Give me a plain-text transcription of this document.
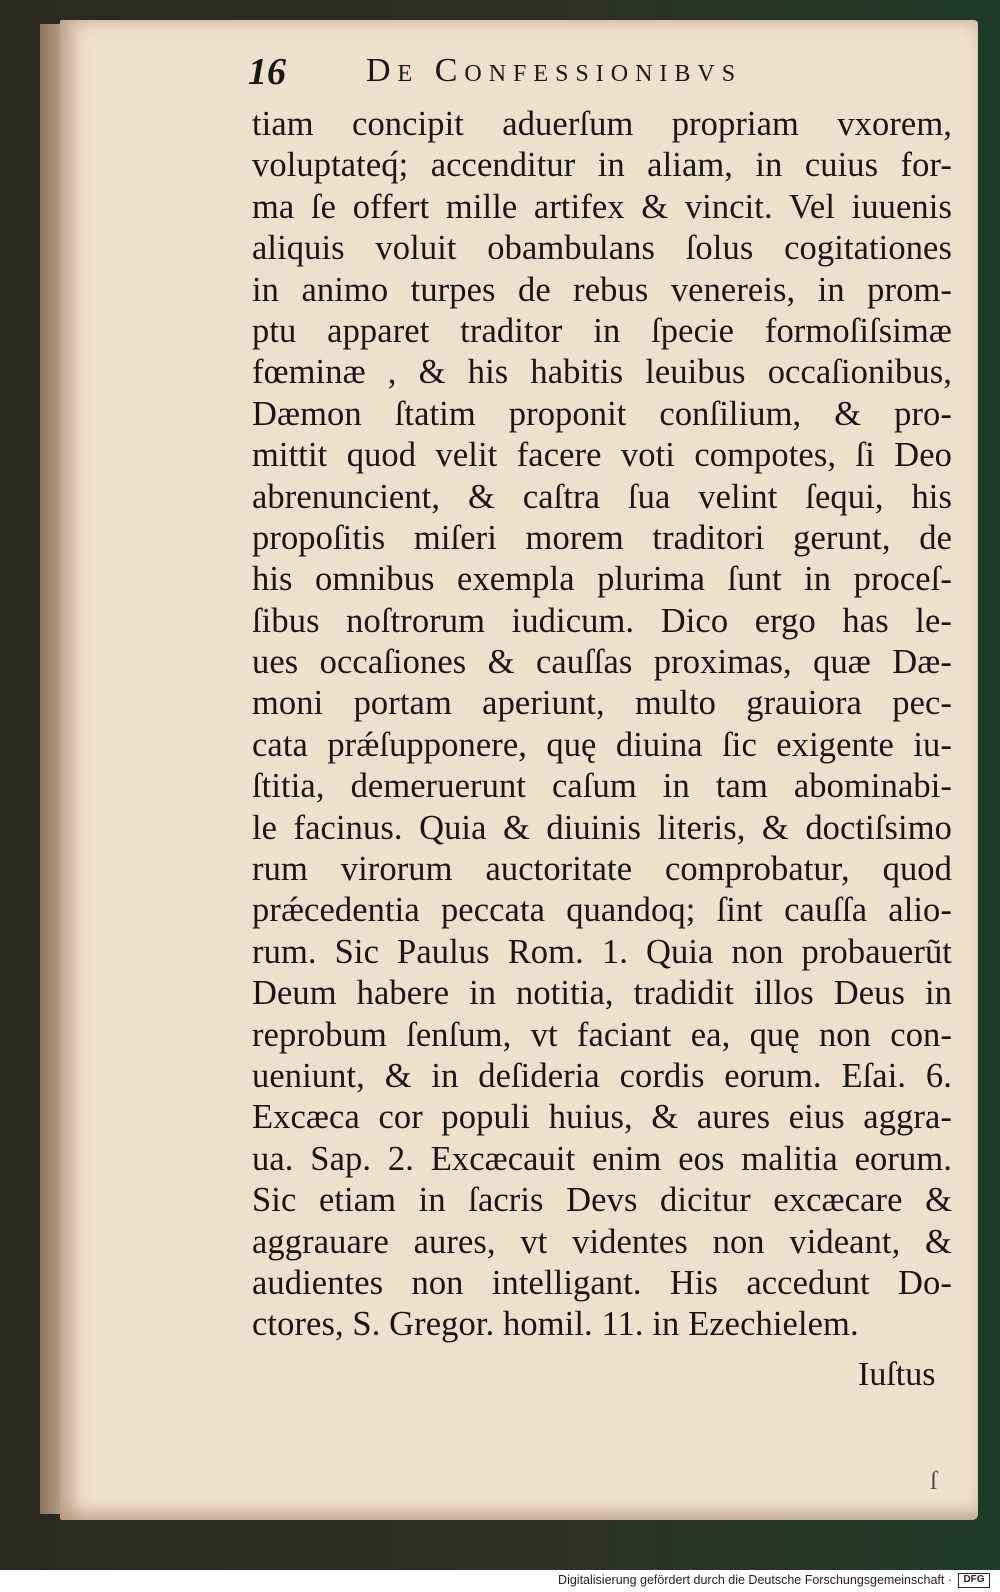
16 De Confessionibvs
tiam concipit aduerſum propriam vxorem,
voluptateq́; accenditur in aliam, in cuius for-
ma ſe offert mille artifex & vincit. Vel iuuenis
aliquis voluit obambulans ſolus cogitationes
in animo turpes de rebus venereis, in prom-
ptu apparet traditor in ſpecie formoſiſsimæ
fœminæ , & his habitis leuibus occaſionibus,
Dæmon ſtatim proponit conſilium, & pro-
mittit quod velit facere voti compotes, ſi Deo
abrenuncient, & caſtra ſua velint ſequi, his
propoſitis miſeri morem traditori gerunt, de
his omnibus exempla plurima ſunt in proceſ-
ſibus noſtrorum iudicum. Dico ergo has le-
ues occaſiones & cauſſas proximas, quæ Dæ-
moni portam aperiunt, multo grauiora pec-
cata prǽſupponere, quę diuina ſic exigente iu-
ſtitia, demeruerunt caſum in tam abominabi-
le facinus. Quia & diuinis literis, & doctiſsimo
rum virorum auctoritate comprobatur, quod
prǽcedentia peccata quandoq; ſint cauſſa alio-
rum. Sic Paulus Rom. 1. Quia non probauerũt
Deum habere in notitia, tradidit illos Deus in
reprobum ſenſum, vt faciant ea, quę non con-
ueniunt, & in deſideria cordis eorum. Eſai. 6.
Excæca cor populi huius, & aures eius aggra-
ua. Sap. 2. Excæcauit enim eos malitia eorum.
Sic etiam in ſacris Devs dicitur excæcare &
aggrauare aures, vt videntes non videant, &
audientes non intelligant. His accedunt Do-
ctores, S. Gregor. homil. 11. in Ezechielem.
Iuſtus
ſ
Digitalisierung gefördert durch die Deutsche Forschungsgemeinschaft ·	DFG
